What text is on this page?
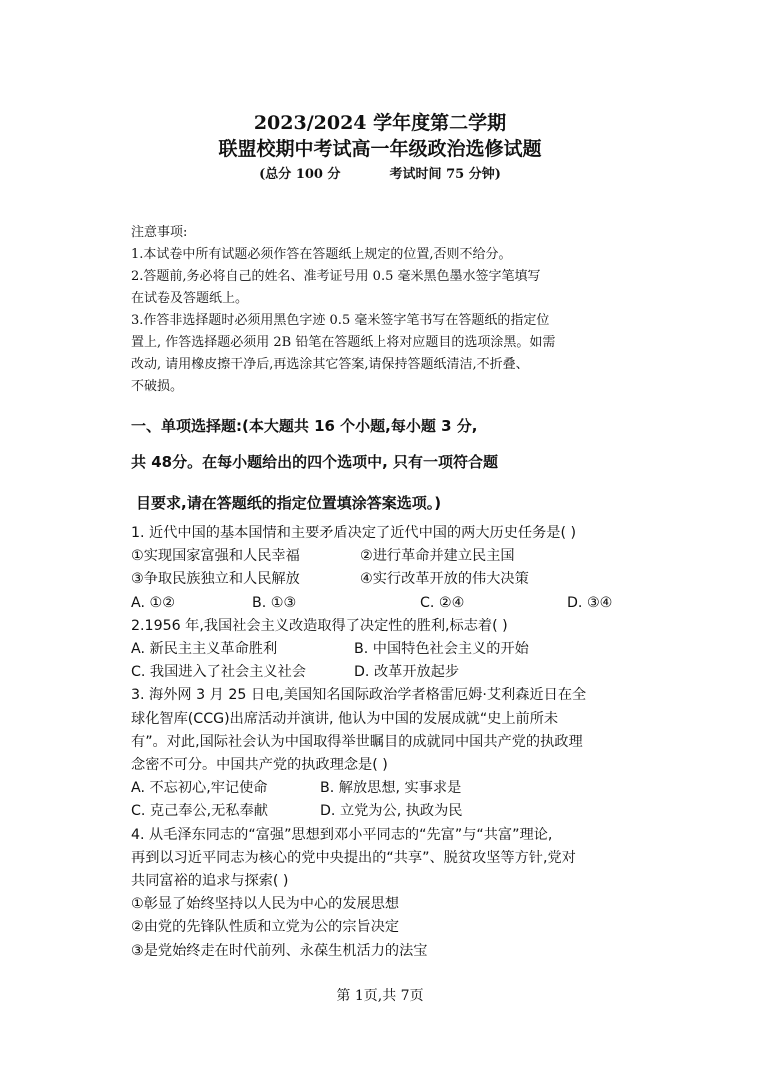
2023/2024 学年度第二学期
联盟校期中考试高一年级政治选修试题
(总分 100 分	考试时间 75 分钟)
注意事项:
1.本试卷中所有试题必须作答在答题纸上规定的位置,否则不给分。
2.答题前,务必将自己的姓名、准考证号用 0.5 毫米黑色墨水签字笔填写
在试卷及答题纸上。
3.作答非选择题时必须用黑色字迹 0.5 毫米签字笔书写在答题纸的指定位
置上, 作答选择题必须用 2B 铅笔在答题纸上将对应题目的选项涂黑。如需
改动, 请用橡皮擦干净后,再选涂其它答案,请保持答题纸清洁,不折叠、
不破损。
一、单项选择题:(本大题共 16 个小题,每小题 3 分,
共 48分。在每小题给出的四个选项中, 只有一项符合题
目要求,请在答题纸的指定位置填涂答案选项。)
1. 近代中国的基本国情和主要矛盾决定了近代中国的两大历史任务是( )
①实现国家富强和人民幸福	②进行革命并建立民主国
③争取民族独立和人民解放	④实行改革开放的伟大决策
A. ①②	B. ①③	C. ②④	D. ③④
2.1956 年,我国社会主义改造取得了决定性的胜利,标志着( )
A. 新民主主义革命胜利	B. 中国特色社会主义的开始
C. 我国进入了社会主义社会	D. 改革开放起步
3. 海外网 3 月 25 日电,美国知名国际政治学者格雷厄姆·艾利森近日在全
球化智库(CCG)出席活动并演讲, 他认为中国的发展成就“史上前所未
有”。对此,国际社会认为中国取得举世瞩目的成就同中国共产党的执政理
念密不可分。中国共产党的执政理念是( )
A. 不忘初心,牢记使命	B. 解放思想, 实事求是
C. 克己奉公,无私奉献	D. 立党为公, 执政为民
4. 从毛泽东同志的“富强”思想到邓小平同志的“先富”与“共富”理论,
再到以习近平同志为核心的党中央提出的“共享”、脱贫攻坚等方针,党对
共同富裕的追求与探索( )
①彰显了始终坚持以人民为中心的发展思想
②由党的先锋队性质和立党为公的宗旨决定
③是党始终走在时代前列、永葆生机活力的法宝
第 1页,共 7页
